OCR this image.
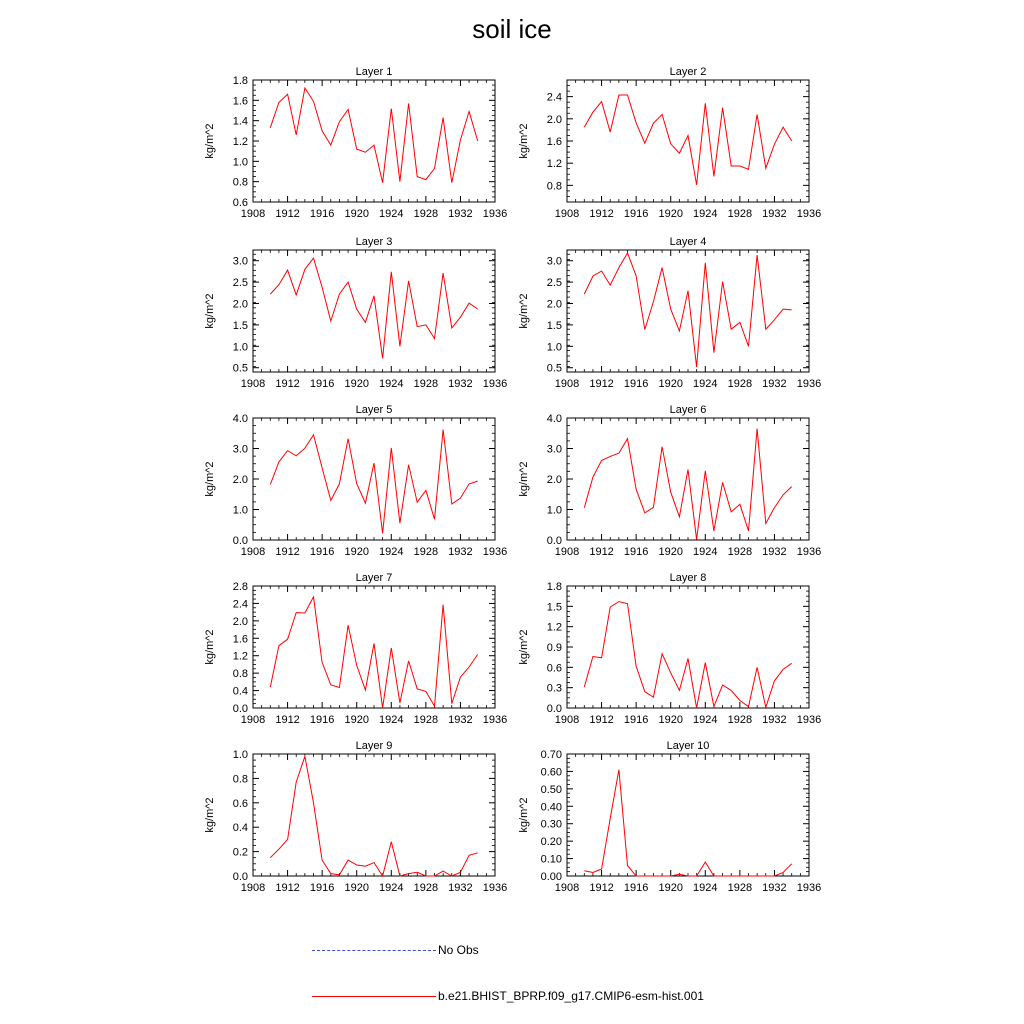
soil ice
Layer 1
kg/m^2
1908 1912 1916 1920 1924 1928 1932 1936
0.6
0.8
1.0
1.2
1.4
1.6
1.8
Layer 2
kg/m^2
1908 1912 1916 1920 1924 1928 1932 1936
0.8
1.2
1.6
2.0
2.4
Layer 3
kg/m^2
1908 1912 1916 1920 1924 1928 1932 1936
0.5
1.0
1.5
2.0
2.5
3.0
Layer 4
kg/m^2
1908 1912 1916 1920 1924 1928 1932 1936
0.5
1.0
1.5
2.0
2.5
3.0
Layer 5
kg/m^2
1908 1912 1916 1920 1924 1928 1932 1936
0.0
1.0
2.0
3.0
4.0
Layer 6
kg/m^2
1908 1912 1916 1920 1924 1928 1932 1936
0.0
1.0
2.0
3.0
4.0
Layer 7
kg/m^2
1908 1912 1916 1920 1924 1928 1932 1936
0.0
0.4
0.8
1.2
1.6
2.0
2.4
2.8
Layer 8
kg/m^2
1908 1912 1916 1920 1924 1928 1932 1936
0.0
0.3
0.6
0.9
1.2
1.5
1.8
Layer 9
kg/m^2
1908 1912 1916 1920 1924 1928 1932 1936
0.0
0.2
0.4
0.6
0.8
1.0
Layer 10
kg/m^2
1908 1912 1916 1920 1924 1928 1932 1936
0.00
0.10
0.20
0.30
0.40
0.50
0.60
0.70
No Obs
b.e21.BHIST_BPRP.f09_g17.CMIP6-esm-hist.001
